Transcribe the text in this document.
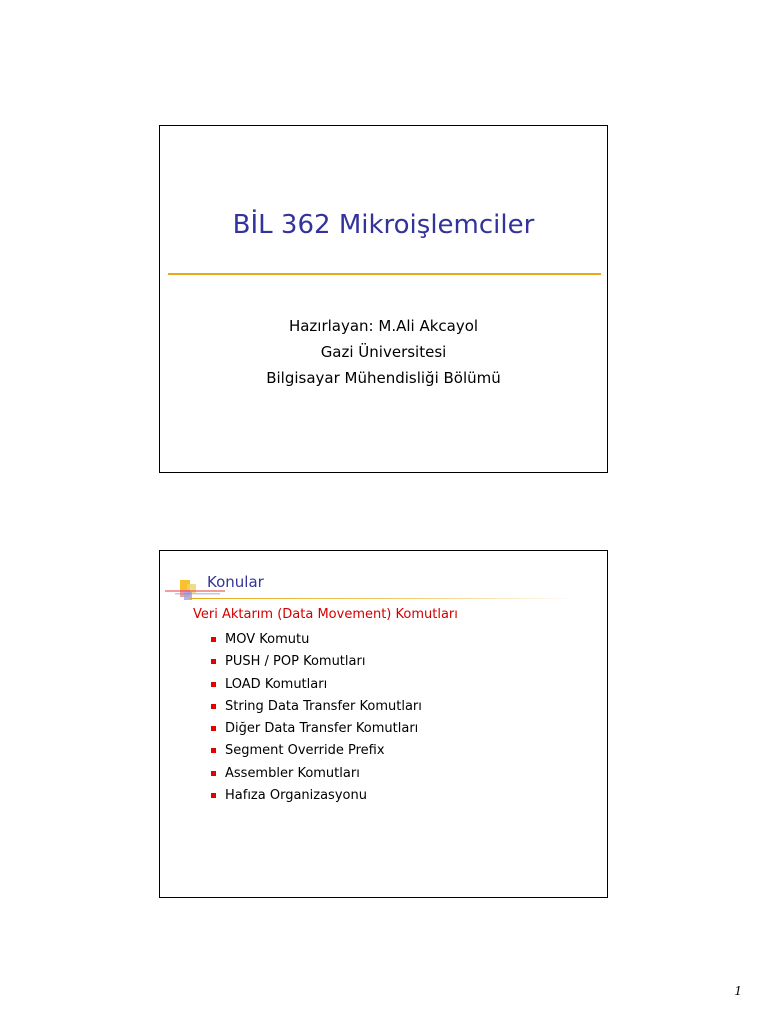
BİL 362 Mikroişlemciler
Hazırlayan: M.Ali Akcayol
Gazi Üniversitesi
Bilgisayar Mühendisliği Bölümü
Konular
Veri Aktarım (Data Movement) Komutları
MOV Komutu
PUSH / POP Komutları
LOAD Komutları
String Data Transfer Komutları
Diğer Data Transfer Komutları
Segment Override Prefix
Assembler Komutları
Hafıza Organizasyonu
1
